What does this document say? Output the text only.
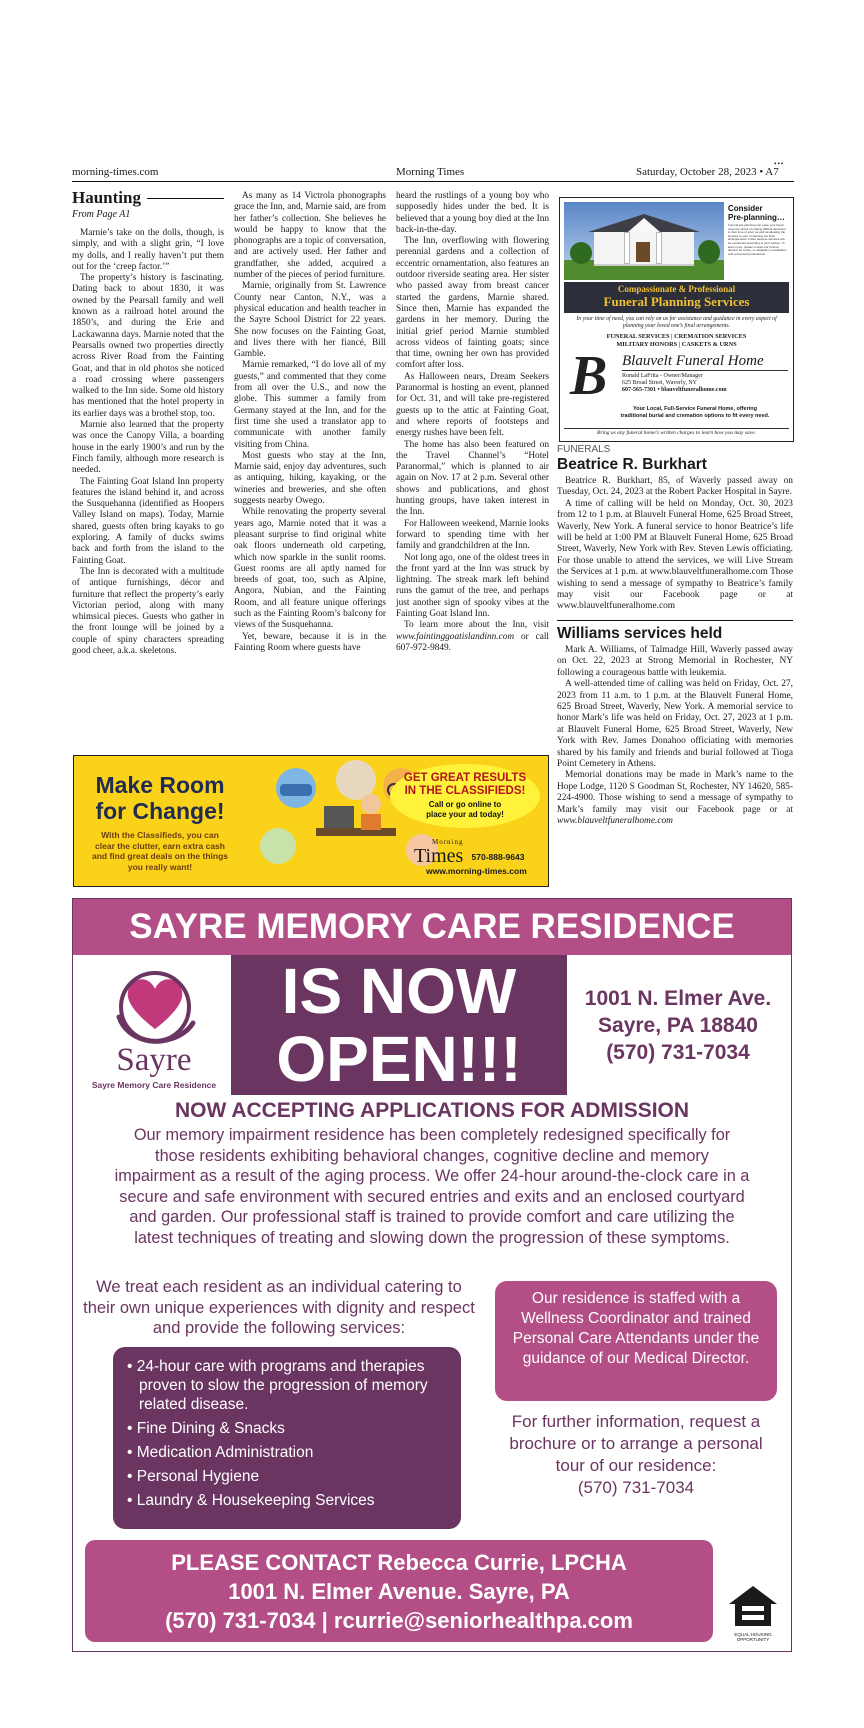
morning-times.com	Morning Times	Saturday, October 28, 2023 • A7
•••
Haunting
From Page A1

Marnie’s take on the dolls, though, is simply, and with a slight grin, “I love my dolls, and I really haven’t put them out for the ‘creep factor.’”

The property’s history is fascinating. Dating back to about 1830, it was owned by the Pearsall family and well known as a railroad hotel around the 1850’s, and during the Erie and Lackawanna days. Marnie noted that the Pearsalls owned two properties directly across River Road from the Fainting Goat, and that in old photos she noticed a road crossing where passengers walked to the Inn side. Some old history has mentioned that the hotel property in its earlier days was a brothel stop, too.

Marnie also learned that the property was once the Canopy Villa, a boarding house in the early 1900’s and run by the Finch family, although more research is needed.

The Fainting Goat Island Inn property features the island behind it, and across the Susquehanna (identified as Hoopers Valley Island on maps). Today, Marnie shared, guests often bring kayaks to go exploring. A family of ducks swims back and forth from the island to the Fainting Goat.

The Inn is decorated with a multitude of antique furnishings, décor and furniture that reflect the property’s early Victorian period, along with many whimsical pieces. Guests who gather in the front lounge will be joined by a couple of spiny characters spreading good cheer, a.k.a. skeletons.

As many as 14 Victrola phonographs grace the Inn, and, Marnie said, are from her father’s collection. She believes he would be happy to know that the phonographs are a topic of conversation, and are actively used. Her father and grandfather, she added, acquired a number of the pieces of period furniture.

Marnie, originally from St. Lawrence County near Canton, N.Y., was a physical education and health teacher in the Sayre School District for 22 years. She now focuses on the Fainting Goat, and lives there with her fiancé, Bill Gamble.

Marnie remarked, “I do love all of my guests,” and commented that they come from all over the U.S., and now the globe. This summer a family from Germany stayed at the Inn, and for the first time she used a translator app to communicate with another family visiting from China.

Most guests who stay at the Inn, Marnie said, enjoy day adventures, such as antiquing, hiking, kayaking, or the wineries and breweries, and she often suggests nearby Owego.

While renovating the property several years ago, Marnie noted that it was a pleasant surprise to find original white oak floors underneath old carpeting, which now sparkle in the sunlit rooms. Guest rooms are all aptly named for breeds of goat, too, such as Alpine, Angora, Nubian, and the Fainting Room, and all feature unique offerings such as the Fainting Room’s balcony for views of the Susquehanna.

Yet, beware, because it is in the Fainting Room where guests have

heard the rustlings of a young boy who supposedly hides under the bed. It is believed that a young boy died at the Inn back-in-the-day.

The Inn, overflowing with flowering perennial gardens and a collection of eccentric ornamentation, also features an outdoor riverside seating area. Her sister who passed away from breast cancer started the gardens, Marnie shared. Since then, Marnie has expanded the gardens in her memory. During the initial grief period Marnie stumbled across videos of fainting goats; since that time, owning her own has provided comfort after loss.

As Halloween nears, Dream Seekers Paranormal is hosting an event, planned for Oct. 31, and will take pre-registered guests up to the attic at Fainting Goat, and where reports of footsteps and energy rushes have been felt.

The home has also been featured on the Travel Channel’s “Hotel Paranormal,” which is planned to air again on Nov. 17 at 2 p.m. Several other shows and publications, and ghost hunting groups, have taken interest in the Inn.

For Halloween weekend, Marnie looks forward to spending time with her family and grandchildren at the Inn.

Not long ago, one of the oldest trees in the front yard at the Inn was struck by lightning. The streak mark left behind runs the gamut of the tree, and perhaps just another sign of spooky vibes at the Fainting Goat Island Inn.

To learn more about the Inn, visit www.faintinggoatislandinn.com or call 607-972-9849.

Consider
Pre-planning…
Funeral pre-planning can ease your loved ones the stress of making difficult decisions in their time of grief, as well as allowing the choices to your of carrying out final arrangements. It also assures services will be conducted according to your wishes. To learn more, please contact our funeral director for a free, no-obligation consultation with a licensed professional.
Compassionate & Professional
Funeral Planning Services
In your time of need, you can rely on us for assistance and guidance in every aspect of planning your loved one’s final arrangements.
FUNERAL SERVICES | CREMATION SERVICES
MILITARY HONORS | CASKETS & URNS
B Blauvelt Funeral Home
Ronald LaFrita - Owner/Manager
625 Broad Street, Waverly, NY
607-565-7301 • blauveltfuneralhome.com
Your Local, Full-Service Funeral Home, offering
traditional burial and cremation options to fit every need.
Bring us any funeral home’s written charges to learn how you may save.
FUNERALS
Beatrice R. Burkhart

Beatrice R. Burkhart, 85, of Waverly passed away on Tuesday, Oct. 24, 2023 at the Robert Packer Hospital in Sayre.

A time of calling will be held on Monday, Oct. 30, 2023 from 12 to 1 p.m. at Blauvelt Funeral Home, 625 Broad Street, Waverly, New York. A funeral service to honor Beatrice’s life will be held at 1:00 PM at Blauvelt Funeral Home, 625 Broad Street, Waverly, New York with Rev. Steven Lewis officiating. For those unable to attend the services, we will Live Stream the Services at 1 p.m. at www.blauveltfuneralhome.com Those wishing to send a message of sympathy to Beatrice’s family may visit our Facebook page or at www.blauveltfuneralhome.com

Williams services held

Mark A. Williams, of Talmadge Hill, Waverly passed away on Oct. 22, 2023 at Strong Memorial in Rochester, NY following a courageous battle with leukemia.

A well-attended time of calling was held on Friday, Oct. 27, 2023 from 11 a.m. to 1 p.m. at the Blauvelt Funeral Home, 625 Broad Street, Waverly, New York. A memorial service to honor Mark’s life was held on Friday, Oct. 27, 2023 at 1 p.m. at Blauvelt Funeral Home, 625 Broad Street, Waverly, New York with Rev. James Donahoo officiating with memories shared by his family and friends and burial followed at Tioga Point Cemetery in Athens.

Memorial donations may be made in Mark’s name to the Hope Lodge, 1120 S Goodman St, Rochester, NY 14620, 585-224-4900. Those wishing to send a message of sympathy to Mark’s family may visit our Facebook page or at www.blauveltfuneralhome.com

Make Room
for Change!
With the Classifieds, you can clear the clutter, earn extra cash and find great deals on the things you really want!
GET GREAT RESULTS
IN THE CLASSIFIEDS!
Call or go online to
place your ad today!
Morning
Times 570-888-9643
www.morning-times.com
SAYRE MEMORY CARE RESIDENCE
Sayre
Sayre Memory Care Residence
IS NOW
OPEN!!!
1001 N. Elmer Ave.
Sayre, PA 18840
(570) 731-7034
NOW ACCEPTING APPLICATIONS FOR ADMISSION
Our memory impairment residence has been completely redesigned specifically for those residents exhibiting behavioral changes, cognitive decline and memory impairment as a result of the aging process. We offer 24-hour around-the-clock care in a secure and safe environment with secured entries and exits and an enclosed courtyard and garden. Our professional staff is trained to provide comfort and care utilizing the latest techniques of treating and slowing down the progression of these symptoms.
We treat each resident as an individual catering to their own unique experiences with dignity and respect and provide the following services:
• 24-hour care with programs and therapies proven to slow the progression of memory related disease.
• Fine Dining & Snacks
• Medication Administration
• Personal Hygiene
• Laundry & Housekeeping Services
Our residence is staffed with a Wellness Coordinator and trained Personal Care Attendants under the guidance of our Medical Director.
For further information, request a brochure or to arrange a personal tour of our residence:
(570) 731-7034
PLEASE CONTACT Rebecca Currie, LPCHA
1001 N. Elmer Avenue. Sayre, PA
(570) 731-7034 | rcurrie@seniorhealthpa.com
EQUAL HOUSING OPPORTUNITY
